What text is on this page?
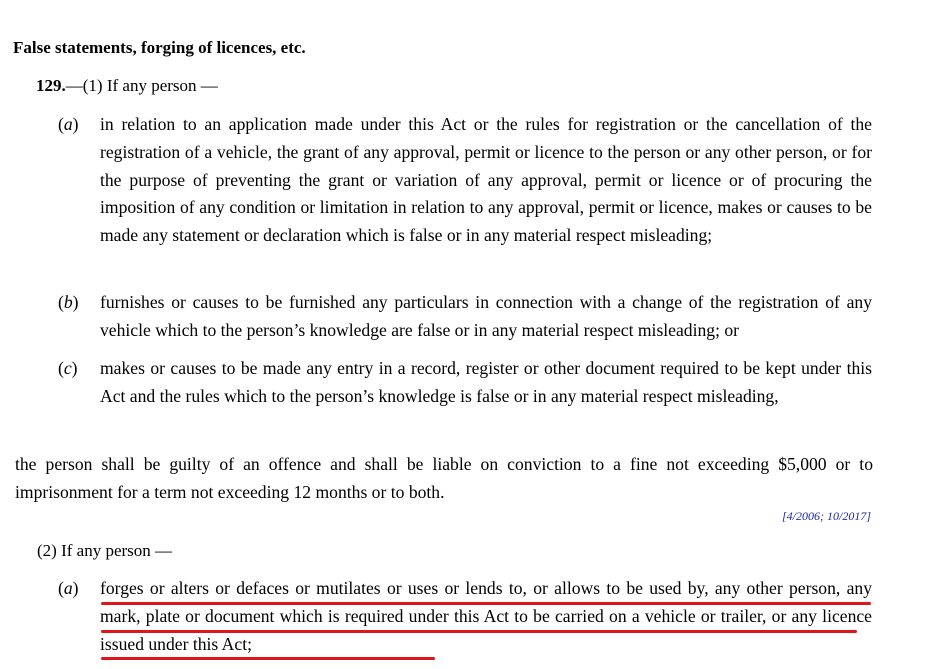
False statements, forging of licences, etc.
129.—(1) If any person —
(a)	in relation to an application made under this Act or the rules for registration or the cancellation of the registration of a vehicle, the grant of any approval, permit or licence to the person or any other person, or for the purpose of preventing the grant or variation of any approval, permit or licence or of procuring the imposition of any condition or limitation in relation to any approval, permit or licence, makes or causes to be made any statement or declaration which is false or in any material respect misleading;
(b)	furnishes or causes to be furnished any particulars in connection with a change of the registration of any vehicle which to the person’s knowledge are false or in any material respect misleading; or
(c)	makes or causes to be made any entry in a record, register or other document required to be kept under this Act and the rules which to the person’s knowledge is false or in any material respect misleading,
the person shall be guilty of an offence and shall be liable on conviction to a fine not exceeding $5,000 or to imprisonment for a term not exceeding 12 months or to both.
[4/2006; 10/2017]
(2) If any person —
(a)	forges or alters or defaces or mutilates or uses or lends to, or allows to be used by, any other person, any mark, plate or document which is required under this Act to be carried on a vehicle or trailer, or any licence issued under this Act;
